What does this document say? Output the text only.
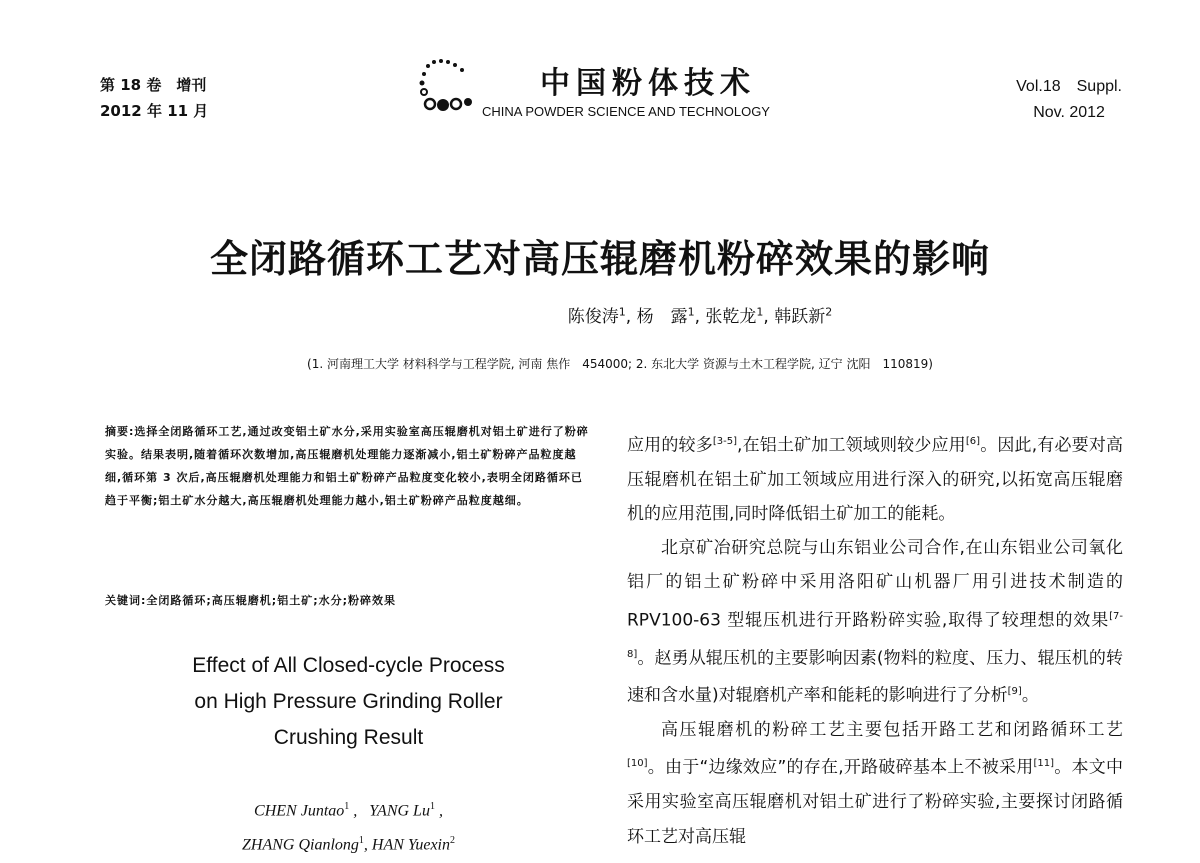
第 18 卷　增刊
2012 年 11 月
中国粉体技术
CHINA POWDER SCIENCE AND TECHNOLOGY
Vol.18　Suppl.
Nov. 2012
全闭路循环工艺对高压辊磨机粉碎效果的影响
陈俊涛$^1$, 杨　露$^1$, 张乾龙$^1$, 韩跃新$^2$
(1. 河南理工大学 材料科学与工程学院, 河南 焦作　454000; 2. 东北大学 资源与土木工程学院, 辽宁 沈阳　110819)
摘要:选择全闭路循环工艺,通过改变铝土矿水分,采用实验室高压辊磨机对铝土矿进行了粉碎实验。结果表明,随着循环次数增加,高压辊磨机处理能力逐渐减小,铝土矿粉碎产品粒度越细,循环第 3 次后,高压辊磨机处理能力和铝土矿粉碎产品粒度变化较小,表明全闭路循环已趋于平衡;铝土矿水分越大,高压辊磨机处理能力越小,铝土矿粉碎产品粒度越细。
关键词:全闭路循环;高压辊磨机;铝土矿;水分;粉碎效果
Effect of All Closed-cycle Process
on High Pressure Grinding Roller
Crushing Result
CHEN Juntao$^1$ ,   YANG Lu$^1$ ,
ZHANG Qianlong$^1$, HAN Yuexin$^2$

应用的较多[3-5],在铝土矿加工领域则较少应用[6]。因此,有必要对高压辊磨机在铝土矿加工领域应用进行深入的研究,以拓宽高压辊磨机的应用范围,同时降低铝土矿加工的能耗。

北京矿冶研究总院与山东铝业公司合作,在山东铝业公司氧化铝厂的铝土矿粉碎中采用洛阳矿山机器厂用引进技术制造的 RPV100-63 型辊压机进行开路粉碎实验,取得了较理想的效果[7-8]。赵勇从辊压机的主要影响因素(物料的粒度、压力、辊压机的转速和含水量)对辊磨机产率和能耗的影响进行了分析[9]。

高压辊磨机的粉碎工艺主要包括开路工艺和闭路循环工艺[10]。由于“边缘效应”的存在,开路破碎基本上不被采用[11]。本文中采用实验室高压辊磨机对铝土矿进行了粉碎实验,主要探讨闭路循环工艺对高压辊
